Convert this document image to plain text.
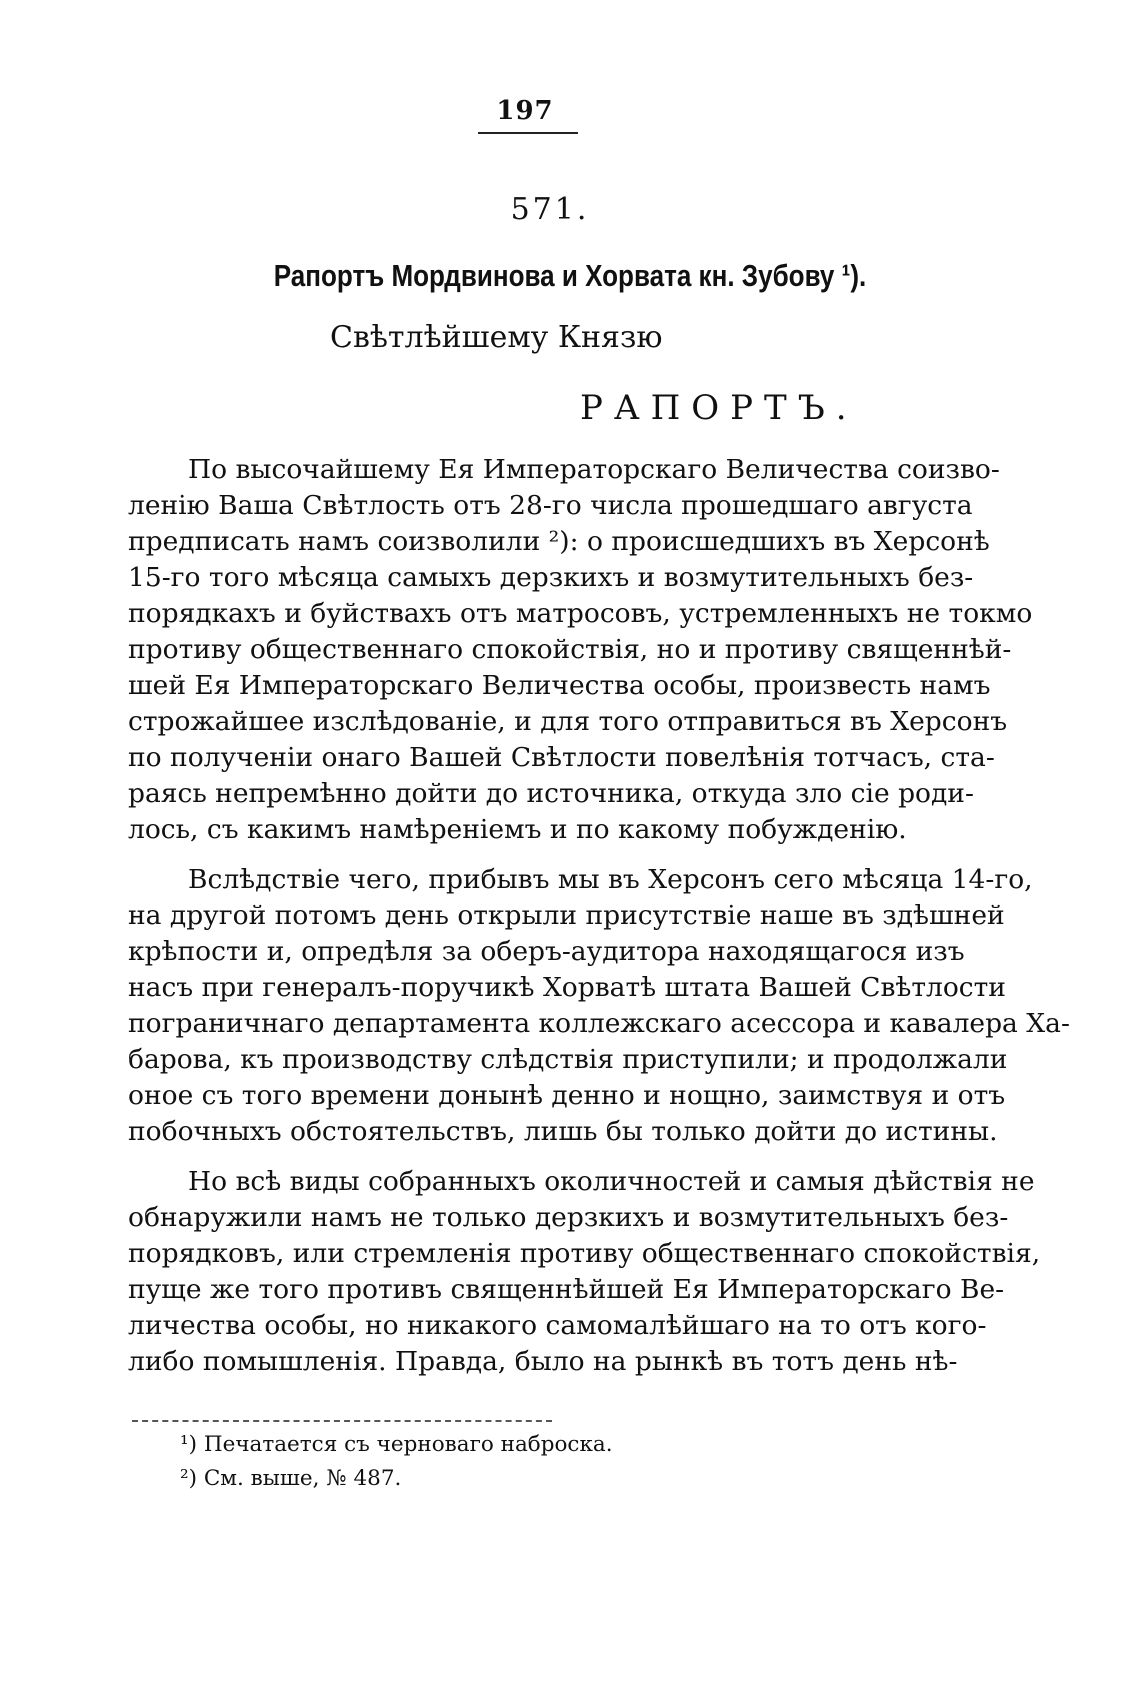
197
571.
Рапортъ Мордвинова и Хорвата кн. Зубову ¹).
Свѣтлѣйшему Князю
РАПОРТЪ.
По высочайшему Ея Императорскаго Величества соизво-
ленію Ваша Свѣтлость отъ 28-го числа прошедшаго августа
предписать намъ соизволили ²): о происшедшихъ въ Херсонѣ
15-го того мѣсяца самыхъ дерзкихъ и возмутительныхъ без-
порядкахъ и буйствахъ отъ матросовъ, устремленныхъ не токмо
противу общественнаго спокойствія, но и противу священнѣй-
шей Ея Императорскаго Величества особы, произвесть намъ
строжайшее изслѣдованіе, и для того отправиться въ Херсонъ
по полученіи онаго Вашей Свѣтлости повелѣнія тотчасъ, ста-
раясь непремѣнно дойти до источника, откуда зло сіе роди-
лось, съ какимъ намѣреніемъ и по какому побужденію.
Вслѣдствіе чего, прибывъ мы въ Херсонъ сего мѣсяца 14-го,
на другой потомъ день открыли присутствіе наше въ здѣшней
крѣпости и, опредѣля за оберъ-аудитора находящагося изъ
насъ при генералъ-поручикѣ Хорватѣ штата Вашей Свѣтлости
пограничнаго департамента коллежскаго асессора и кавалера Ха-
барова, къ производству слѣдствія приступили; и продолжали
оное съ того времени донынѣ денно и нощно, заимствуя и отъ
побочныхъ обстоятельствъ, лишь бы только дойти до истины.
Но всѣ виды собранныхъ околичностей и самыя дѣйствія не
обнаружили намъ не только дерзкихъ и возмутительныхъ без-
порядковъ, или стремленія противу общественнаго спокойствія,
пуще же того противъ священнѣйшей Ея Императорскаго Ве-
личества особы, но никакого самомалѣйшаго на то отъ кого-
либо помышленія. Правда, было на рынкѣ въ тотъ день нѣ-
¹) Печатается съ черноваго наброска.
²) См. выше, № 487.
